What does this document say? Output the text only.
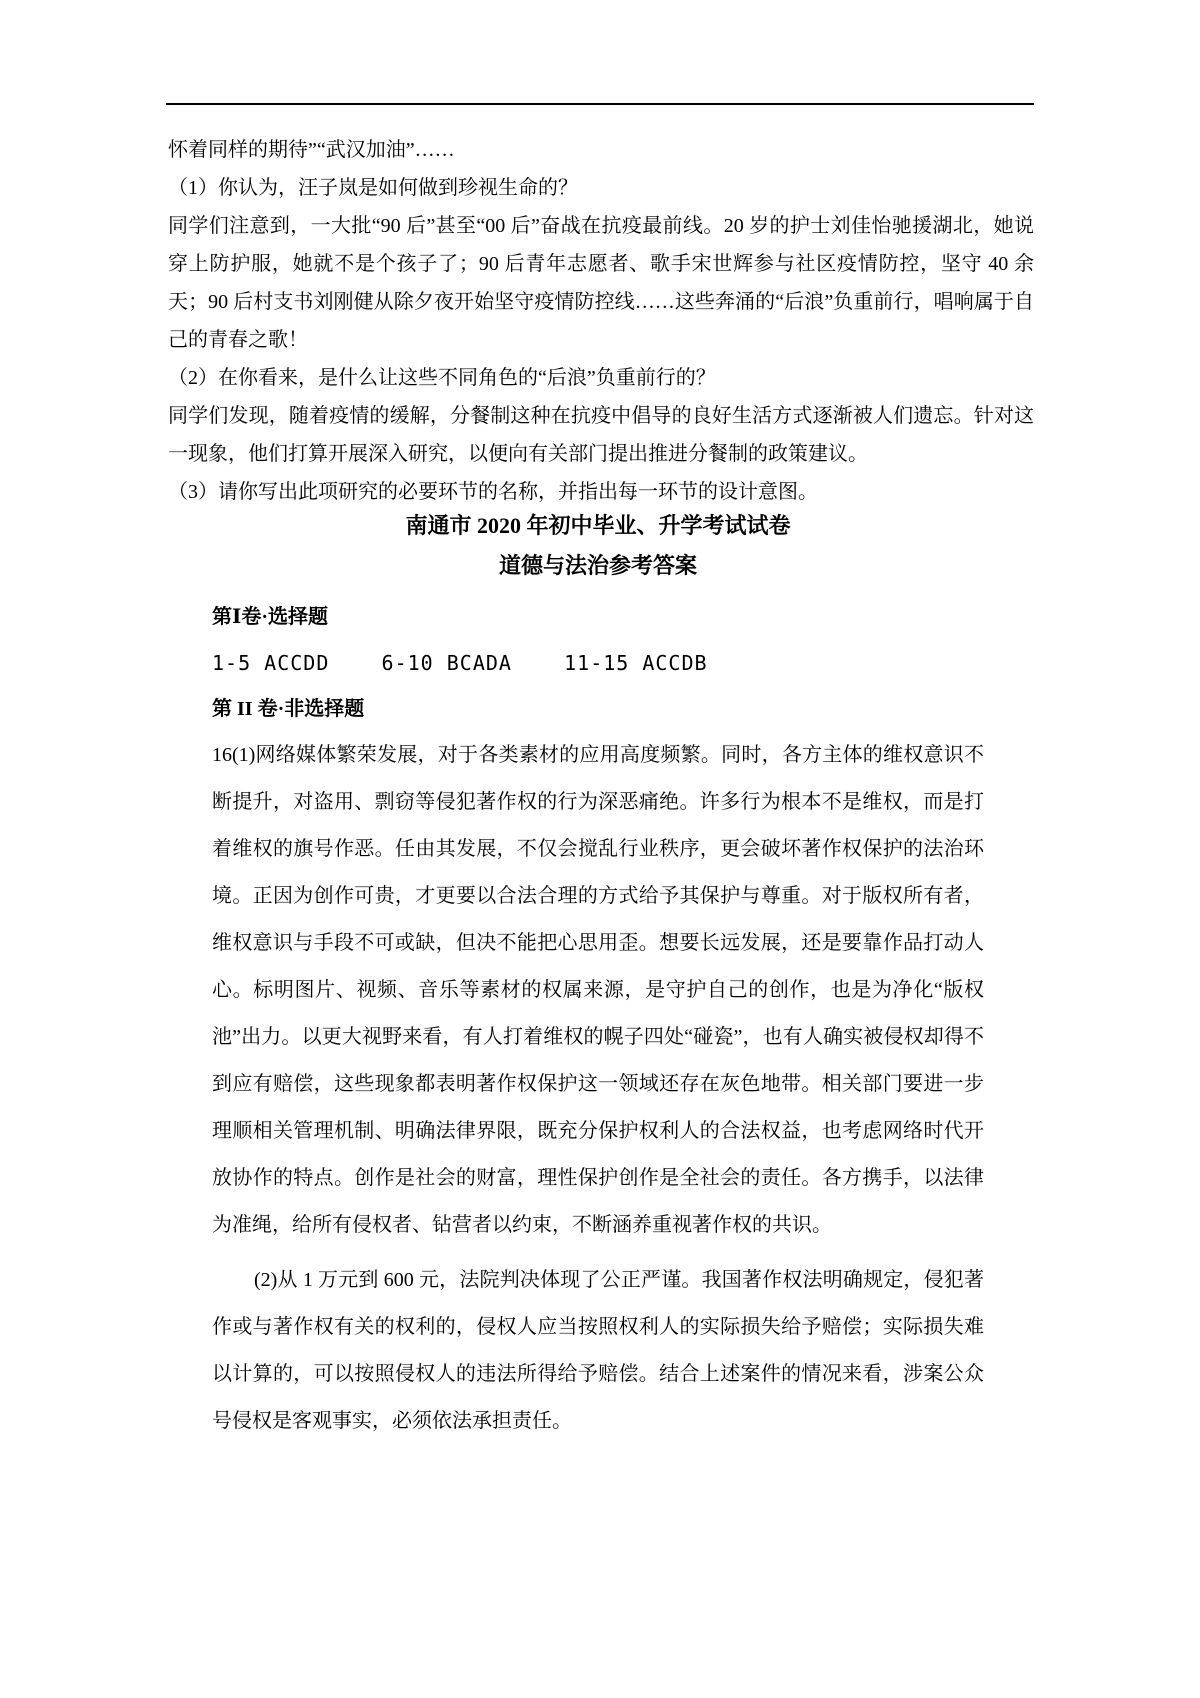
怀着同样的期待”“武汉加油”……

（1）你认为，汪子岚是如何做到珍视生命的？

同学们注意到，一大批“90 后”甚至“00 后”奋战在抗疫最前线。20 岁的护士刘佳怡驰援湖北，她说穿上防护服，她就不是个孩子了；90 后青年志愿者、歌手宋世辉参与社区疫情防控，坚守 40 余天；90 后村支书刘刚健从除夕夜开始坚守疫情防控线……这些奔涌的“后浪”负重前行，唱响属于自己的青春之歌！

（2）在你看来，是什么让这些不同角色的“后浪”负重前行的？

同学们发现，随着疫情的缓解，分餐制这种在抗疫中倡导的良好生活方式逐渐被人们遗忘。针对这一现象，他们打算开展深入研究，以便向有关部门提出推进分餐制的政策建议。

（3）请你写出此项研究的必要环节的名称，并指出每一环节的设计意图。

南通市 2020 年初中毕业、升学考试试卷

道德与法治参考答案

第Ⅰ卷·选择题

1-5 ACCDD    6-10 BCADA    11-15 ACCDB

第 II 卷·非选择题

16(1)网络媒体繁荣发展，对于各类素材的应用高度频繁。同时，各方主体的维权意识不断提升，对盗用、剽窃等侵犯著作权的行为深恶痛绝。许多行为根本不是维权，而是打着维权的旗号作恶。任由其发展，不仅会搅乱行业秩序，更会破坏著作权保护的法治环境。正因为创作可贵，才更要以合法合理的方式给予其保护与尊重。对于版权所有者，维权意识与手段不可或缺，但决不能把心思用歪。想要长远发展，还是要靠作品打动人心。标明图片、视频、音乐等素材的权属来源，是守护自己的创作，也是为净化“版权池”出力。以更大视野来看，有人打着维权的幌子四处“碰瓷”，也有人确实被侵权却得不到应有赔偿，这些现象都表明著作权保护这一领域还存在灰色地带。相关部门要进一步理顺相关管理机制、明确法律界限，既充分保护权利人的合法权益，也考虑网络时代开放协作的特点。创作是社会的财富，理性保护创作是全社会的责任。各方携手，以法律为准绳，给所有侵权者、钻营者以约束，不断涵养重视著作权的共识。

(2)从 1 万元到 600 元，法院判决体现了公正严谨。我国著作权法明确规定，侵犯著作或与著作权有关的权利的，侵权人应当按照权利人的实际损失给予赔偿；实际损失难以计算的，可以按照侵权人的违法所得给予赔偿。结合上述案件的情况来看，涉案公众号侵权是客观事实，必须依法承担责任。
